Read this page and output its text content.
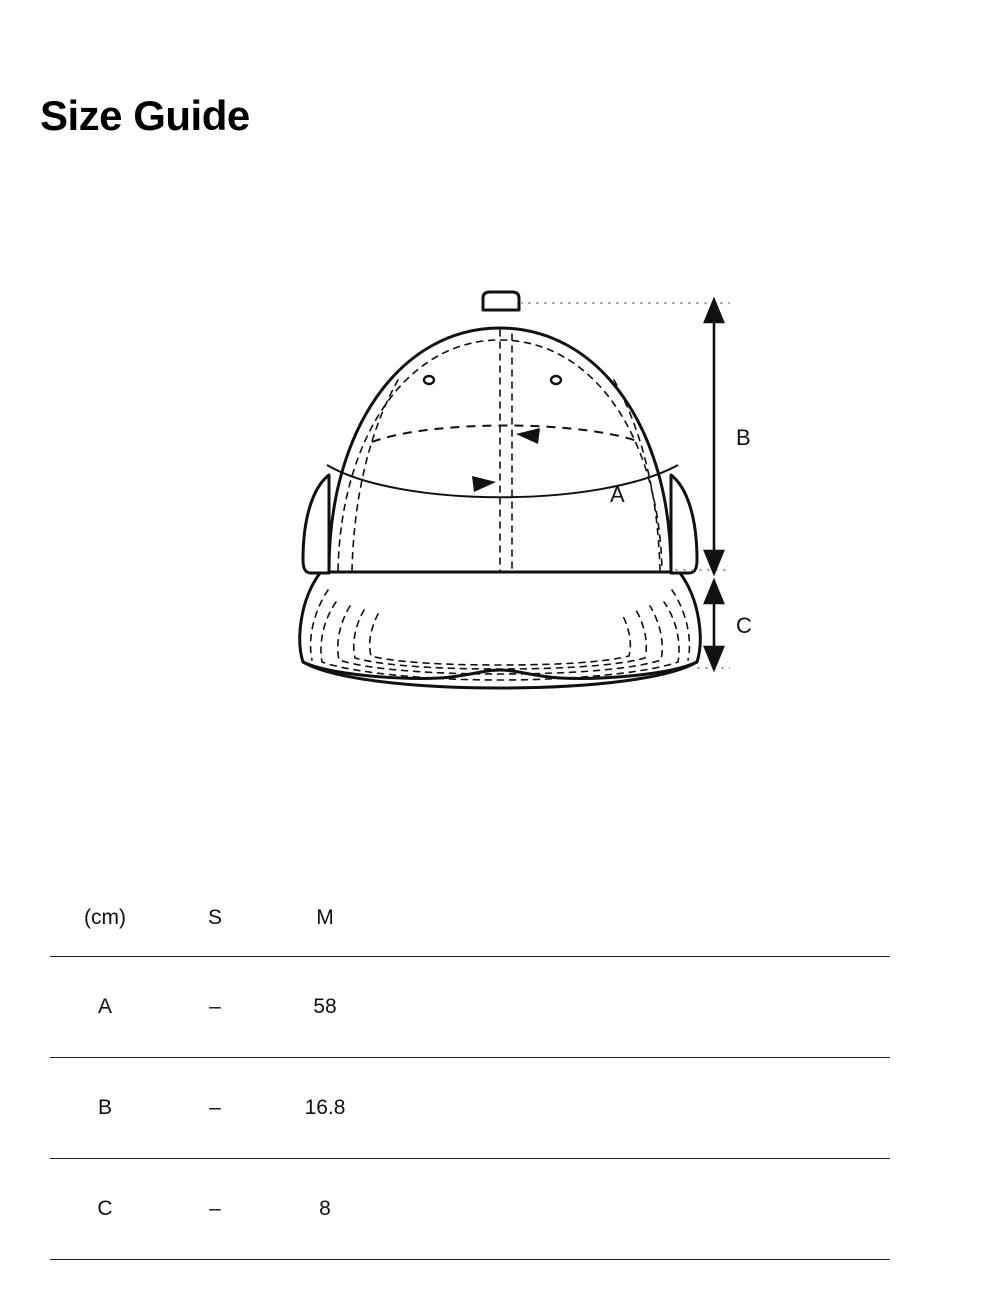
Size Guide
A
B
C
(cm)	S	M	
A	–	58	
B	–	16.8	
C	–	8	
